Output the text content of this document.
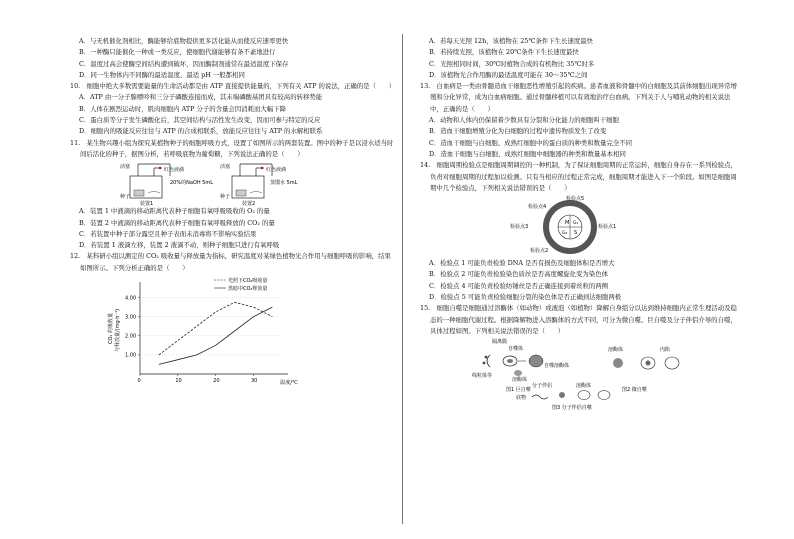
A．与无机催化剂相比，酶能够给底物提供更多活化能从而使反应速率更快

B．一种酶只能催化一种或一类反应，使细胞代谢能够有条不紊地进行

C．温度过高会使酶空间结构遭到破坏，因而酶制剂通常在最适温度下保存

D．同一生物体内不同酶的最适温度、最适 pH 一般都相同

10.　细胞中绝大多数需要能量的生命活动都是由 ATP 直接提供能量的，下列有关 ATP 的说法，正确的是（　　）

A．ATP 由一分子腺嘌呤和三分子磷酸连接而成，其末端磷酸基团具有较高的转移势能

B．人体在剧烈运动时，肌肉细胞内 ATP 分子的含量会因消耗而大幅下降

C．蛋白质等分子发生磷酸化后，其空间结构与活性发生改变，因而可参与特定的反应

D．细胞内的吸能反应往往与 ATP 的合成相联系，放能反应往往与 ATP 的水解相联系

11.　某生物兴趣小组为探究某植物种子的细胞呼吸方式，设置了如图所示的两套装置。图中的种子是以浸水适当时间后活化的种子，据图分析，若呼吸底物为葡萄糖，下列说法正确的是（　　）

活塞	红色液滴
20%的NaOH 5mL
种子
装置1
活塞	红色液滴
蒸馏水 5mL
种子
装置2

A．装置 1 中液滴的移动距离代表种子细胞有氧呼吸吸收的 O₂ 的量

B．装置 2 中液滴的移动距离代表种子细胞有氧呼吸释放的 CO₂ 的量

C．若装置中种子部分露空且种子表面未消毒将不影响实验结果

D．若装置 1 液滴左移，装置 2 液滴不动，则种子细胞只进行有氧呼吸

12.　某科研小组以测定的 CO₂ 吸收量与释放量为指标，研究温度对某绿色植物光合作用与细胞呼吸的影响，结果如图所示。下列分析正确的是（　　）

CO₂ 的吸收量 与释放量/(mg·h⁻¹)
温度/℃
光照下CO₂吸收量
黑暗中CO₂释放量
0	10	20	30
1.00
2.00
3.00
4.00

A．若每天光照 12h，该植物在 25℃条件下生长速度最快

B．若持续光照，该植物在 20℃条件下生长速度最快

C．光照相同时间，30℃时植物合成的有机物比 35℃时多

D．该植物光合作用酶的最适温度可能在 30～35℃之间

13.　白血病是一类由骨髓造血干细胞恶性增殖引起的疾病。患者血液和骨髓中的白细胞及其前体细胞出现异常增殖和分化异常，成为白血病细胞。通过骨髓移植可以有效地治疗白血病。下列关于人与哺乳动物的相关说法中，正确的是（　　）

A．动物和人体内仍保留着少数具有分裂和分化能力的细胞叫干细胞

B．造血干细胞增殖分化为白细胞的过程中遗传物质发生了改变

C．造血干细胞与白细胞、成熟红细胞中的蛋白质的种类和数量完全不同

D．造血干细胞与白细胞、成熟红细胞中细胞器的种类和数量基本相同

14.　细胞周期检验点是细胞周期调控的一种机制，为了保证细胞周期的正常运转，细胞自身存在一系列检验点，负责对细胞周期的过程加以检测。只有当相应的过程正常完成，细胞周期才能进入下一个阶段。如图是细胞周期中几个检验点，下列相关说法错误的是（　　）

M G₁
G₂ S
检验点5
检验点4
检验点3
检验点2
检验点1

A．检验点 1 可能负责检验 DNA 是否有损伤及细胞体积是否增大

B．检验点 2 可能负责检验染色质丝是否高度螺旋化变为染色体

C．检验点 4 可能负责检验纺锤丝是否正确连接到着丝粒的两侧

D．检验点 5 可能负责检验细胞分裂的染色体是否正确到达细胞两极

15.　细胞自噬是细胞通过溶酶体（如动物）或液泡（如植物）降解自身组分以达到维持细胞内正常生理活动及稳态的一种细胞代谢过程。根据降解物进入溶酶体的方式不同，可分为微自噬、巨自噬及分子伴侣介导的自噬，具体过程如图。下列相关说法错误的是（　　）

隔离膜
自噬体
线粒体等
溶酶体
自噬溶酶体
图1 巨自噬
溶酶体	内陷
图2 微自噬
分子伴侣	溶酶体
底物
图3 分子伴侣自噬
